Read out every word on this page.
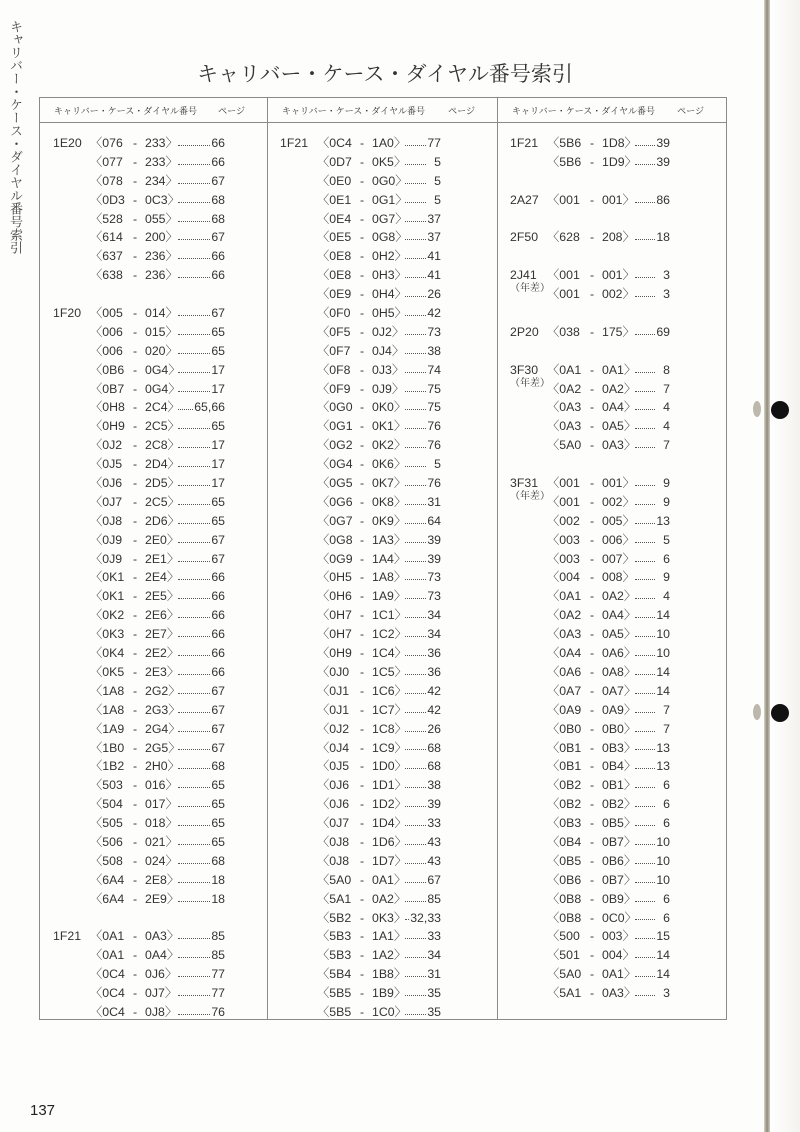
キャリバー・ケース・ダイヤル番号索引	キャリバー・ケース・ダイヤル番号索引
キャリバー・ケース・ダイヤル番号 ページ
1E20 〈076 - 233〉	66
〈077 - 233〉	66
〈078 - 234〉	67
〈0D3 - 0C3〉	68
〈528 - 055〉	68
〈614 - 200〉	67
〈637 - 236〉	66
〈638 - 236〉	66
1F20 〈005 - 014〉	67
〈006 - 015〉	65
〈006 - 020〉	65
〈0B6 - 0G4〉	17
〈0B7 - 0G4〉	17
〈0H8 - 2C4〉 65,66
〈0H9 - 2C5〉	65
〈0J2 - 2C8〉	17
〈0J5 - 2D4〉	17
〈0J6 - 2D5〉	17
〈0J7 - 2C5〉	65
〈0J8 - 2D6〉	65
〈0J9 - 2E0〉	67
〈0J9 - 2E1〉	67
〈0K1 - 2E4〉	66
〈0K1 - 2E5〉	66
〈0K2 - 2E6〉	66
〈0K3 - 2E7〉	66
〈0K4 - 2E2〉	66
〈0K5 - 2E3〉	66
〈1A8 - 2G2〉	67
〈1A8 - 2G3〉	67
〈1A9 - 2G4〉	67
〈1B0 - 2G5〉	67
〈1B2 - 2H0〉	68
〈503 - 016〉	65
〈504 - 017〉	65
〈505 - 018〉	65
〈506 - 021〉	65
〈508 - 024〉	68
〈6A4 - 2E8〉	18
〈6A4 - 2E9〉	18
1F21 〈0A1 - 0A3〉	85
〈0A1 - 0A4〉	85
〈0C4 - 0J6〉	77
〈0C4 - 0J7〉	77
〈0C4 - 0J8〉	76
キャリバー・ケース・ダイヤル番号	ページ
1F21 〈0C4 - 1A0〉 77
〈0D7 - 0K5〉	5
〈0E0 - 0G0〉	5
〈0E1 - 0G1〉	5
〈0E4 - 0G7〉 37
〈0E5 - 0G8〉 37
〈0E8 - 0H2〉 41
〈0E8 - 0H3〉 41
〈0E9 - 0H4〉 26
〈0F0 - 0H5〉 42
〈0F5 - 0J2〉 73
〈0F7 - 0J4〉 38
〈0F8 - 0J3〉 74
〈0F9 - 0J9〉 75
〈0G0 - 0K0〉 75
〈0G1 - 0K1〉 76
〈0G2 - 0K2〉 76
〈0G4 - 0K6〉	5
〈0G5 - 0K7〉 76
〈0G6 - 0K8〉 31
〈0G7 - 0K9〉 64
〈0G8 - 1A3〉 39
〈0G9 - 1A4〉 39
〈0H5 - 1A8〉 73
〈0H6 - 1A9〉 73
〈0H7 - 1C1〉 34
〈0H7 - 1C2〉 34
〈0H9 - 1C4〉 36
〈0J0 - 1C5〉 36
〈0J1 - 1C6〉 42
〈0J1 - 1C7〉 42
〈0J2 - 1C8〉 26
〈0J4 - 1C9〉 68
〈0J5 - 1D0〉 68
〈0J6 - 1D1〉 38
〈0J6 - 1D2〉 39
〈0J7 - 1D4〉 33
〈0J8 - 1D6〉 43
〈0J8 - 1D7〉 43
〈5A0 - 0A1〉 67
〈5A1 - 0A2〉 85
〈5B2 - 0K3〉 32,33
〈5B3 - 1A1〉 33
〈5B3 - 1A2〉 34
〈5B4 - 1B8〉 31
〈5B5 - 1B9〉 35
〈5B5 - 1C0〉 35
キャリバー・ケース・ダイヤル番号 ページ
1F21 〈5B6 - 1D8〉 39
〈5B6 - 1D9〉 39
2A27 〈001 - 001〉 86
2F50 〈628 - 208〉 18
2J41
（年差）
〈001 - 001〉	3
〈001 - 002〉	3
2P20 〈038 - 175〉 69
3F30
（年差）
〈0A1 - 0A1〉	8
〈0A2 - 0A2〉	7
〈0A3 - 0A4〉	4
〈0A3 - 0A5〉	4
〈5A0 - 0A3〉	7
3F31
（年差）
〈001 - 001〉	9
〈001 - 002〉	9
〈002 - 005〉 13
〈003 - 006〉	5
〈003 - 007〉	6
〈004 - 008〉	9
〈0A1 - 0A2〉	4
〈0A2 - 0A4〉 14
〈0A3 - 0A5〉 10
〈0A4 - 0A6〉 10
〈0A6 - 0A8〉 14
〈0A7 - 0A7〉 14
〈0A9 - 0A9〉	7
〈0B0 - 0B0〉	7
〈0B1 - 0B3〉 13
〈0B1 - 0B4〉 13
〈0B2 - 0B1〉	6
〈0B2 - 0B2〉	6
〈0B3 - 0B5〉	6
〈0B4 - 0B7〉 10
〈0B5 - 0B6〉 10
〈0B6 - 0B7〉 10
〈0B8 - 0B9〉	6
〈0B8 - 0C0〉	6
〈500 - 003〉 15
〈501 - 004〉 14
〈5A0 - 0A1〉 14
〈5A1 - 0A3〉	3
137
